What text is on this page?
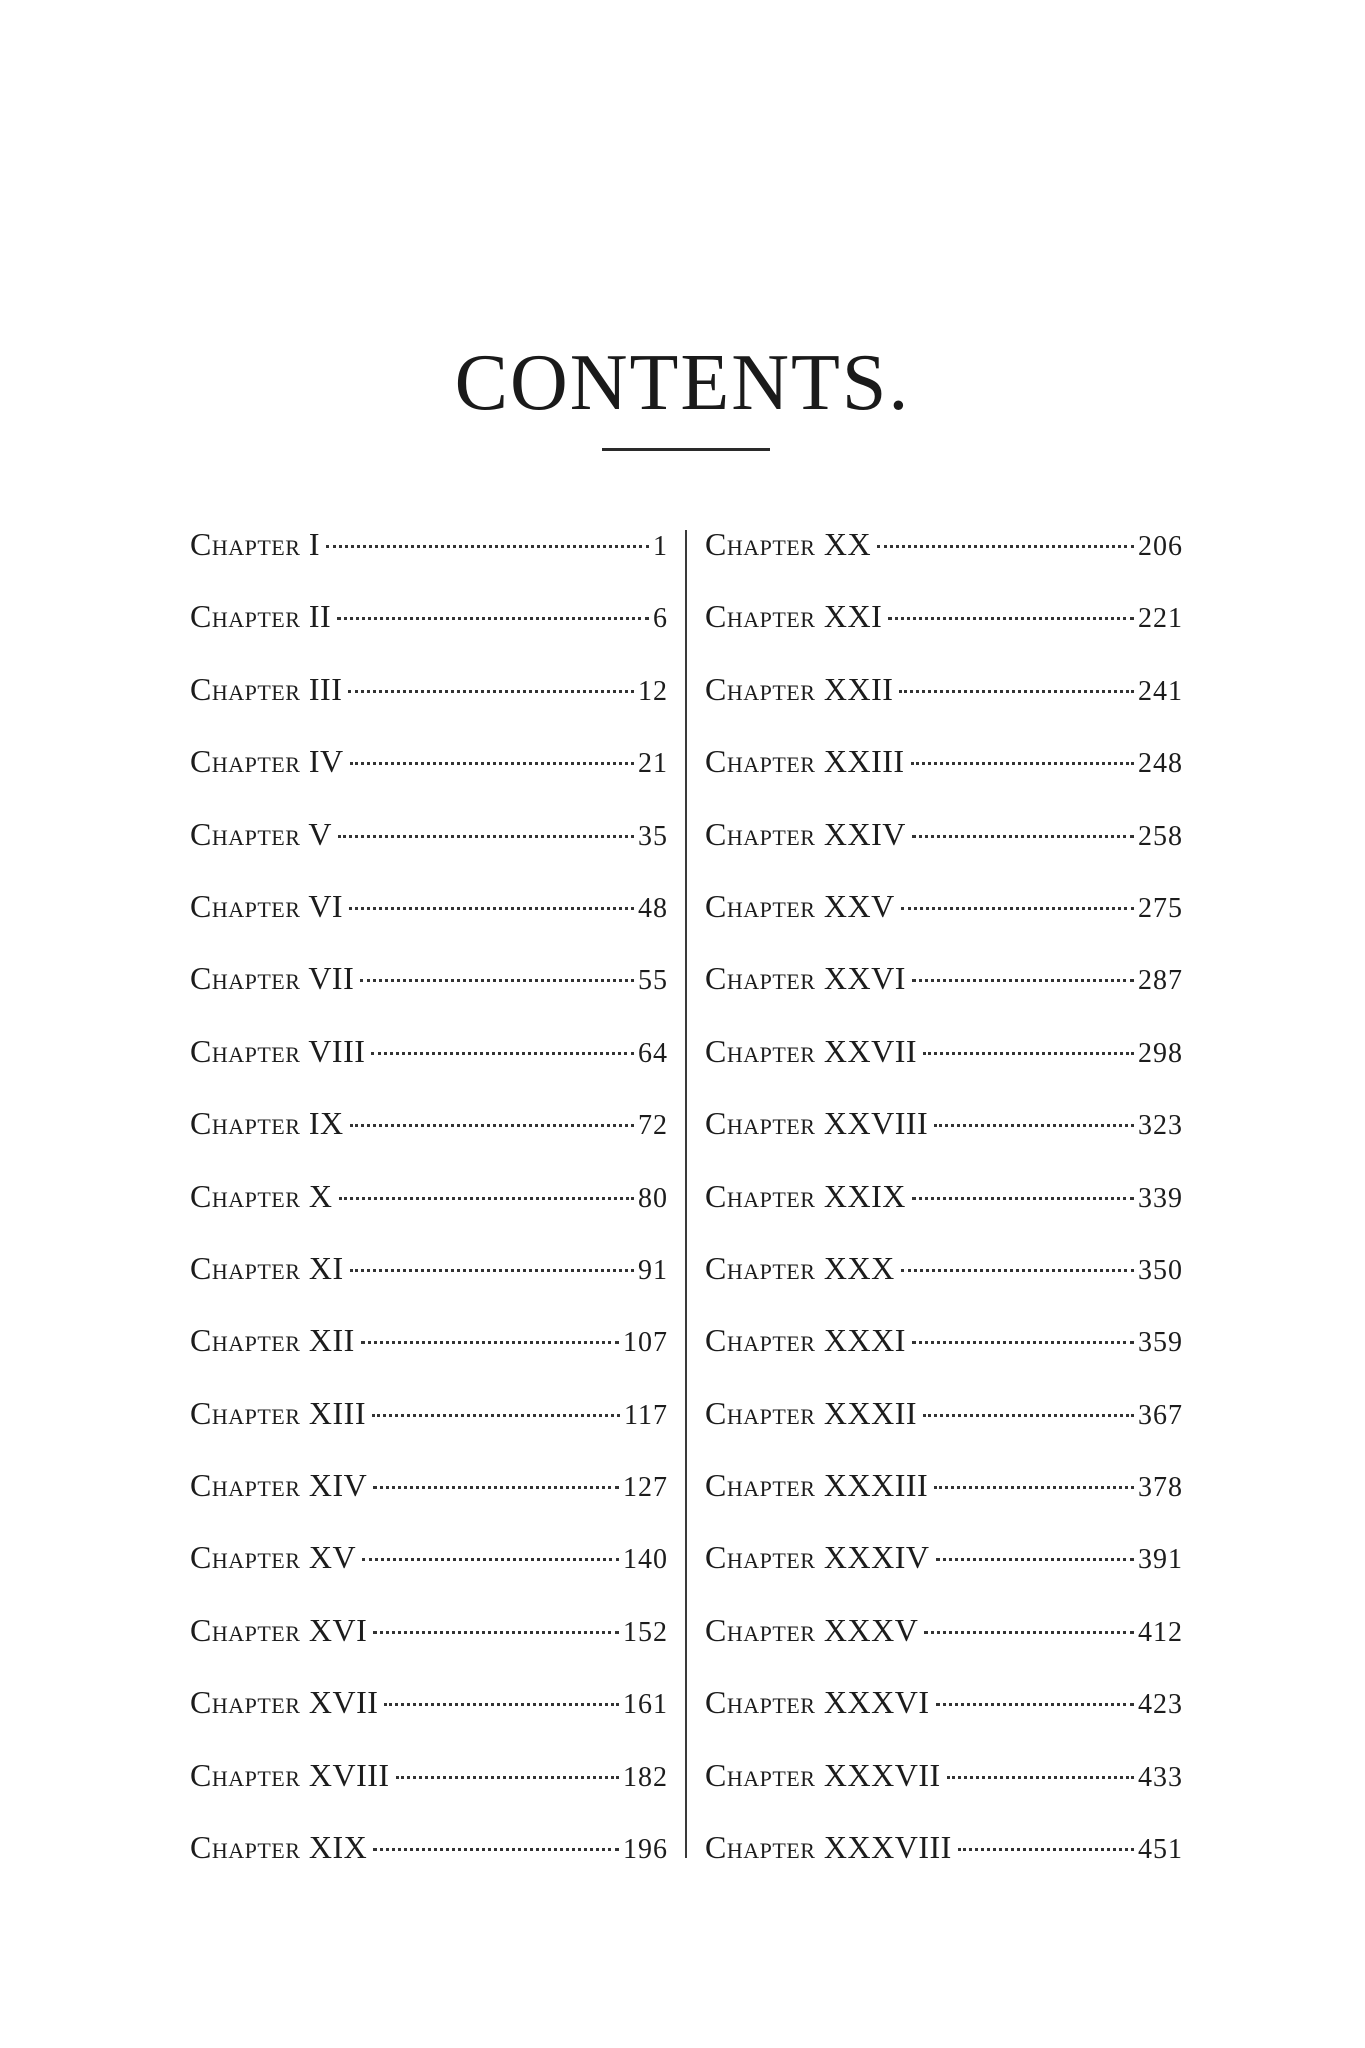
CONTENTS.
Chapter I	1
Chapter II	6
Chapter III	12
Chapter IV	21
Chapter V	35
Chapter VI	48
Chapter VII	55
Chapter VIII	64
Chapter IX	72
Chapter X	80
Chapter XI	91
Chapter XII	107
Chapter XIII	117
Chapter XIV	127
Chapter XV	140
Chapter XVI	152
Chapter XVII	161
Chapter XVIII	182
Chapter XIX	196
Chapter XX	206
Chapter XXI	221
Chapter XXII	241
Chapter XXIII	248
Chapter XXIV	258
Chapter XXV	275
Chapter XXVI	287
Chapter XXVII	298
Chapter XXVIII	323
Chapter XXIX	339
Chapter XXX	350
Chapter XXXI	359
Chapter XXXII	367
Chapter XXXIII	378
Chapter XXXIV	391
Chapter XXXV	412
Chapter XXXVI	423
Chapter XXXVII	433
Chapter XXXVIII	451
